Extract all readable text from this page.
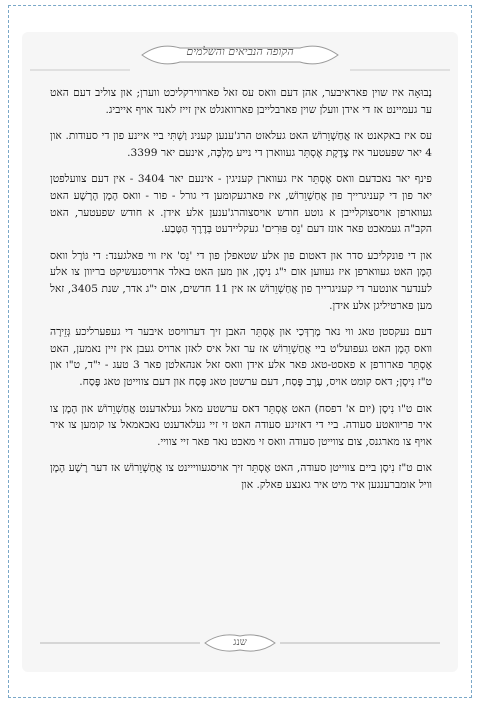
הקופה הנביאים והשלמים

נְבוּאָה איז שוין פאראיבער, אהן דעם וואס עס זאל פארווירקליכט ווערן; און צוליב דעם האט ער געמיינט אז די אידן וועלן שוין פארבלייבן פארוואגלט אין זייז לאנד אויף אייביג.

עס איז באקאנט אז אֲחַשְׁוֵרוֹשׁ האט געלאזט הרג'ענען קעניג וַשְׁתִּי ביי איינע פון די סעודות. און 4 יאר שפעטער איז צֶדֶקֶת אֶסְתֵּר געווארן די נייע מַלְכָּה, אינעם יאר 3399.

פינף יאר נאכדעם וואס אֶסְתֵּר איז געווארן קעניגין - אינעם יאר 3404 - אין דעם צוועלפטן יאר פון די קעניגרייך פון אֲחַשְׁוֵרוֹשׁ, איז פארגעקומען די גורל - פור - וואס הָמָן הָרָשָׁע האט געווארפן אויסצוקלייבן א גוטע חודש אויסצוהרג'ענען אלע אידן. א חודש שפעטער, האט הקב"ה געמאכט פאר אונז דעם 'נֵס פּוּרִים' געקליידעט בְּדֶרֶךְ הַטֶּבַע.

און די פונקליכע סדר און דאטום פון אלע שטאפלן פון די 'נֵס' איז ווי פאלגענד: די גּוֹרָל וואס הָמָן האט געווארפן איז געווען אום י"ג נִיסָן, און מען האט באלד ארויסגעשיקט בריוון צו אלע לענדער אונטער די קעניגרייך פון אֲחַשְׁוֵרוֹשׁ אז אין 11 חדשים, אום י"ג אדר, שנת 3405, זאל מען פארטיליגן אלע אידן.

דעם נעקסטן טאג ווי נאר מָרְדְּכַי און אֶסְתֵּר האבן זיך דערוויסט איבער די געפערליכע גְּזֵירָה וואס הָמָן האט געפועל'ט ביי אֲחַשְׁוֵרוֹשׁ אז ער זאל איס לאזן ארויס געבן אין זיין נאמען, האט אֶסְתֵּר פארורפן א פאסט-טאג פאר אלע אידן וואס זאל אנהאלטן פאר 3 טעג - י"ד, ט"ו און ט"ז נִיסָן; דאס קומט אויס, עֶרֶב פֶּסַח, דעם ערשטן טאג פֶּסַח און דעם צווייטן טאג פֶּסַח.

אום ט"ו נִיסָן (יום א' דפסח) האט אֶסְתֵּר דאס ערשטע מאל געלאדענט אֲחַשְׁוֵרוֹשׁ און הָמָן צו איר פריוואטע סעודה. ביי די דאזיגע סעודה האט זי זיי געלאדענט נאכאמאל צו קומען צו איר אויף צו מארגנס, צום צווייטן סעודה וואס זי מאכט נאר פאר זיי צוויי.

אום ט"ז נִיסָן ביים צווייטן סעודה, האט אֶסְתֵּר זיך אויסגעווייינט צו אֲחַשְׁוֵרוֹשׁ אז דער רָשָׁע הָמָן וויל אומברענגען איר מיט איר גאנצע פאלק. און

שנג
